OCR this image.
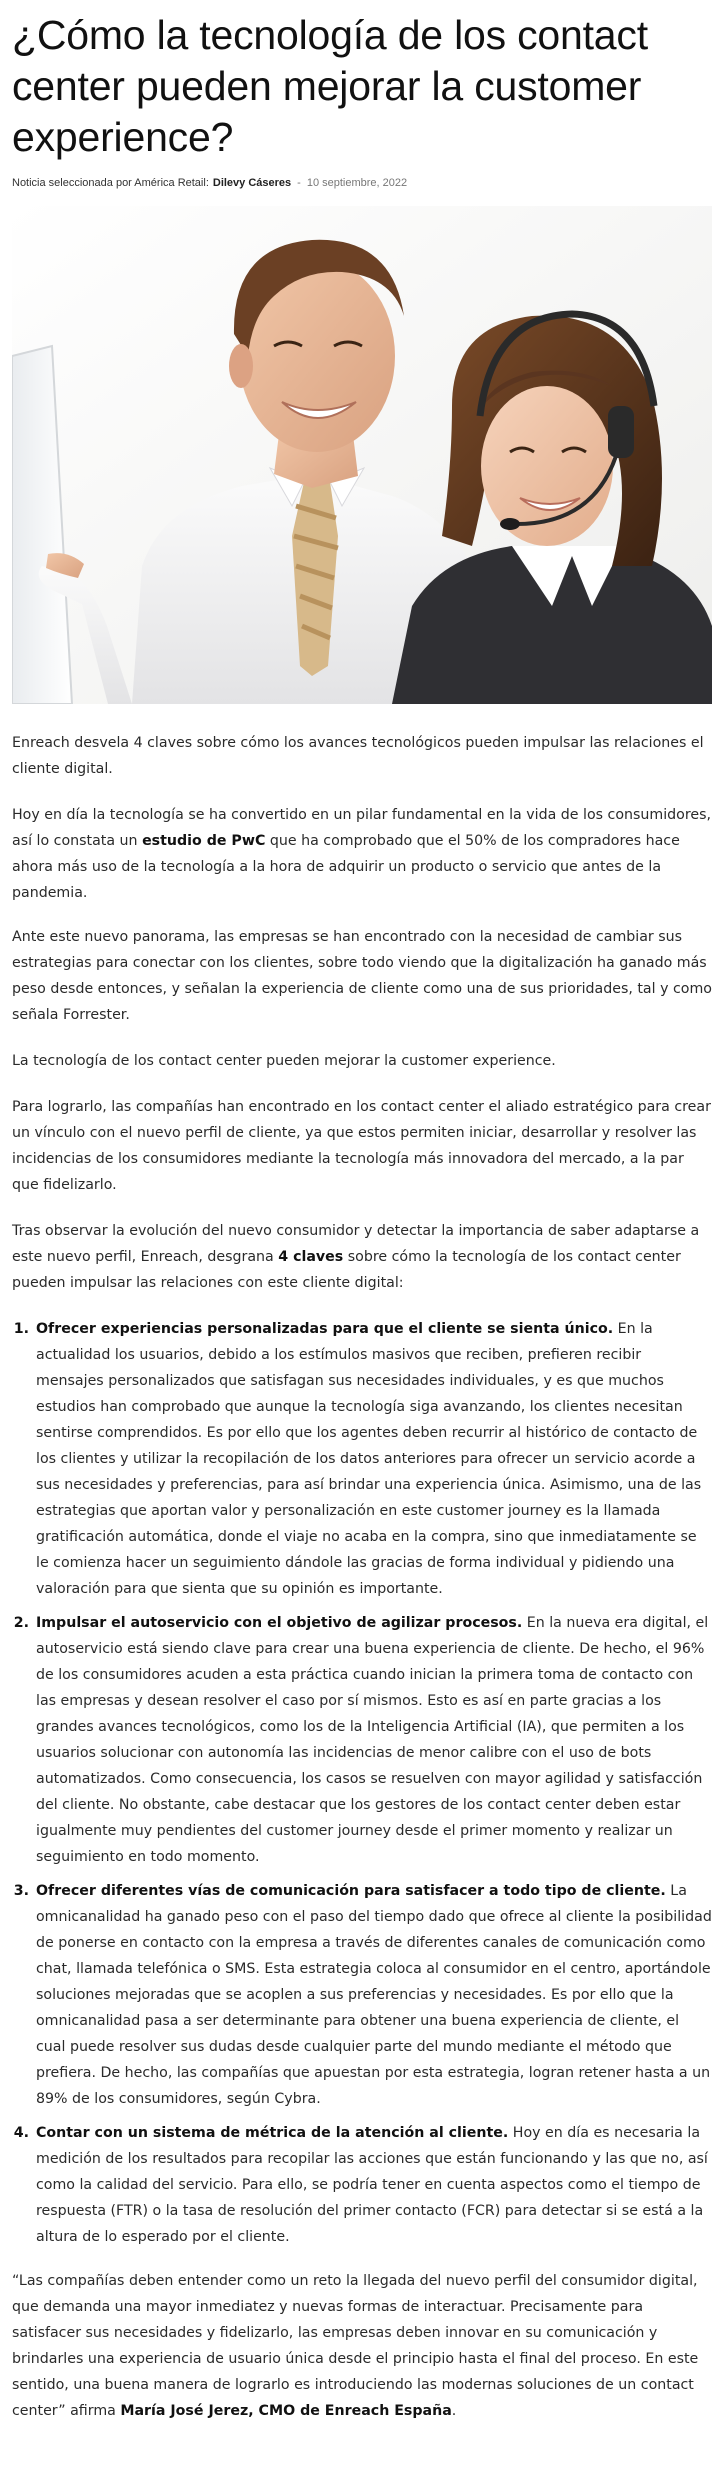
¿Cómo la tecnología de los contact center pueden mejorar la customer experience?
Noticia seleccionada por América Retail: Dilevy Cáseres - 10 septiembre, 2022

Enreach desvela 4 claves sobre cómo los avances tecnológicos pueden impulsar las relaciones el cliente digital.

Hoy en día la tecnología se ha convertido en un pilar fundamental en la vida de los consumidores, así lo constata un estudio de PwC que ha comprobado que el 50% de los compradores hace ahora más uso de la tecnología a la hora de adquirir un producto o servicio que antes de la pandemia.

Ante este nuevo panorama, las empresas se han encontrado con la necesidad de cambiar sus estrategias para conectar con los clientes, sobre todo viendo que la digitalización ha ganado más peso desde entonces, y señalan la experiencia de cliente como una de sus prioridades, tal y como señala Forrester.

La tecnología de los contact center pueden mejorar la customer experience.

Para lograrlo, las compañías han encontrado en los contact center el aliado estratégico para crear un vínculo con el nuevo perfil de cliente, ya que estos permiten iniciar, desarrollar y resolver las incidencias de los consumidores mediante la tecnología más innovadora del mercado, a la par que fidelizarlo.

Tras observar la evolución del nuevo consumidor y detectar la importancia de saber adaptarse a este nuevo perfil, Enreach, desgrana 4 claves sobre cómo la tecnología de los contact center pueden impulsar las relaciones con este cliente digital:

1. Ofrecer experiencias personalizadas para que el cliente se sienta único. En la actualidad los usuarios, debido a los estímulos masivos que reciben, prefieren recibir mensajes personalizados que satisfagan sus necesidades individuales, y es que muchos estudios han comprobado que aunque la tecnología siga avanzando, los clientes necesitan sentirse comprendidos. Es por ello que los agentes deben recurrir al histórico de contacto de los clientes y utilizar la recopilación de los datos anteriores para ofrecer un servicio acorde a sus necesidades y preferencias, para así brindar una experiencia única. Asimismo, una de las estrategias que aportan valor y personalización en este customer journey es la llamada gratificación automática, donde el viaje no acaba en la compra, sino que inmediatamente se le comienza hacer un seguimiento dándole las gracias de forma individual y pidiendo una valoración para que sienta que su opinión es importante.
2. Impulsar el autoservicio con el objetivo de agilizar procesos. En la nueva era digital, el autoservicio está siendo clave para crear una buena experiencia de cliente. De hecho, el 96% de los consumidores acuden a esta práctica cuando inician la primera toma de contacto con las empresas y desean resolver el caso por sí mismos. Esto es así en parte gracias a los grandes avances tecnológicos, como los de la Inteligencia Artificial (IA), que permiten a los usuarios solucionar con autonomía las incidencias de menor calibre con el uso de bots automatizados. Como consecuencia, los casos se resuelven con mayor agilidad y satisfacción del cliente. No obstante, cabe destacar que los gestores de los contact center deben estar igualmente muy pendientes del customer journey desde el primer momento y realizar un seguimiento en todo momento.
3. Ofrecer diferentes vías de comunicación para satisfacer a todo tipo de cliente. La omnicanalidad ha ganado peso con el paso del tiempo dado que ofrece al cliente la posibilidad de ponerse en contacto con la empresa a través de diferentes canales de comunicación como chat, llamada telefónica o SMS. Esta estrategia coloca al consumidor en el centro, aportándole soluciones mejoradas que se acoplen a sus preferencias y necesidades. Es por ello que la omnicanalidad pasa a ser determinante para obtener una buena experiencia de cliente, el cual puede resolver sus dudas desde cualquier parte del mundo mediante el método que prefiera. De hecho, las compañías que apuestan por esta estrategia, logran retener hasta a un 89% de los consumidores, según Cybra.
4. Contar con un sistema de métrica de la atención al cliente. Hoy en día es necesaria la medición de los resultados para recopilar las acciones que están funcionando y las que no, así como la calidad del servicio. Para ello, se podría tener en cuenta aspectos como el tiempo de respuesta (FTR) o la tasa de resolución del primer contacto (FCR) para detectar si se está a la altura de lo esperado por el cliente.

“Las compañías deben entender como un reto la llegada del nuevo perfil del consumidor digital, que demanda una mayor inmediatez y nuevas formas de interactuar. Precisamente para satisfacer sus necesidades y fidelizarlo, las empresas deben innovar en su comunicación y brindarles una experiencia de usuario única desde el principio hasta el final del proceso. En este sentido, una buena manera de lograrlo es introduciendo las modernas soluciones de un contact center” afirma María José Jerez, CMO de Enreach España.
